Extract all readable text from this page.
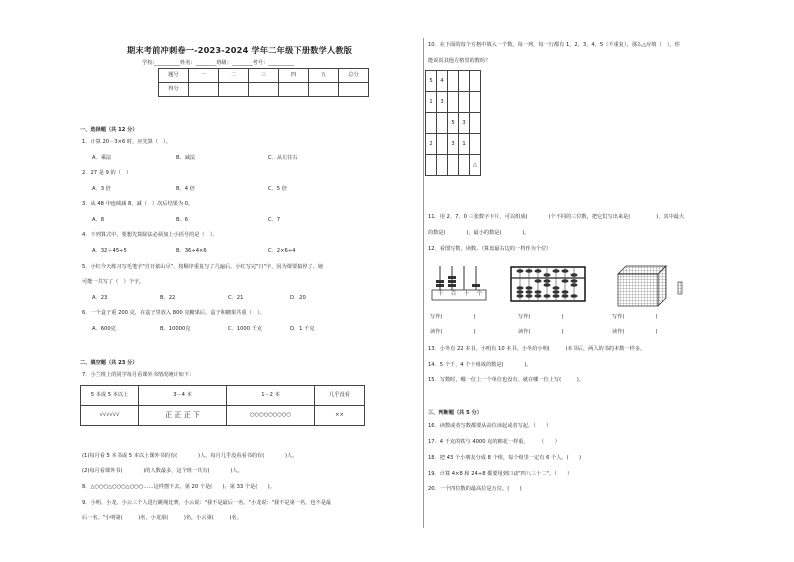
期末考前冲刺卷一-2023-2024 学年二年级下册数学人教版
学校:__________姓名：________班级：________考号：__________
题号	一	二	三	四	五	总分
得分						
一、选择题（共 12 分）
1．计算 20－3×6 时，应先算（　）。
A．乘法	B．减法	C．从左往右
2．27 是 9 的（　）
A．3 倍	B．4 倍	C．5 倍
3．从 48 中连续减 8，减（　）次后结果为 0。
A．8	B．6	C．7
4．下列算式中，要想先算除法必须加上小括号的是（　）。
A．32＋45÷5	B．36÷4×6	C．2×6÷4
5．小红今天练习写毛笔字"自日依山尽"，按顺序重复写了几遍后，小红写完"日"字，因为课要搞停了。她
可能一共写了（　）个字。
A．23	B．22	C．21	D．20
6．一个盒子重 200 克，在盒子里放入 800 克糖果后，盒子和糖果共重（　）。
A．600克	B．10000克	C．1000 千克	D．1 千克
二、填空题（共 23 分）
7．小兰班上的同学每月看课外书情况统计如下：
5 本或 5 本以上	3－4 本	1－2 本	几乎没看
√√√√√√	正 正 正 下	○○○○○○○○○	××
(1)每月看 5 本书或 5 本以上课外书的有(　　　　)人，每月几乎没看看书的有(　　　　)人。
(2)每月看课外书(　　　　)的人数最多，这个班一共有(　　　　)人。
8．△○○○△○○○△○○○……这样摆下去，第 20 个是(　　)，第 33 个是(　　)。
9．小明、小龙、小云三个人进行跳绳比赛，小云说："我不是最后一名。"小龙说："我不是第一名，也不是最
后一名。"小明第(　　　)名，小龙第(　　　)名，小云第(　　　)名。
10．在下面的每个方格中填入一个数，每一列、每一行都有 1，2，3，4，5（不重复），那么△应填（　）。你
能说说其他方格里的数吗？
5	4			
1	3			
		5	3	
2		3	1	
				△
11．用 2、7、0 三张数字卡片，可以组成(　　　　)个不同的三位数，把它们写出来是(　　　　　)，其中最大
的数是(　　　　)，最小的数是(　　　　)。
12．看图写数，读数。（算盘最右边的一档作为个位）
千 百 十 个
写作(　　　　　　)	写作(　　　　　　)	写作(　　　　　　)
读作(　　　　　　)	读作(　　　　　　)	读作(　　　　　　)
13．小冬有 22 本书，小明有 10 本书，小冬给小明(　　　)本书后，两人的书的本数一样多。
14．5 个千、4 个十组成的数是(　　　　)。
15．写数时，哪一位上一个单位也没有，就在哪一位上写(　　　)。
三、判断题（共 5 分）
16．读数或者写数都要从高位读起或者写起。（　　）
17．4 千克的铁与 4000 克的棉花一样重。　　　（　　）
18．把 43 个小朋友分成 8 个组，每个组里一定有 6 个人。(　　)
19．计算 4×8 和 24÷8 都要用到口诀"四八三十二"。（　　）
20．一个四位数的最高位是万位。(　　)
